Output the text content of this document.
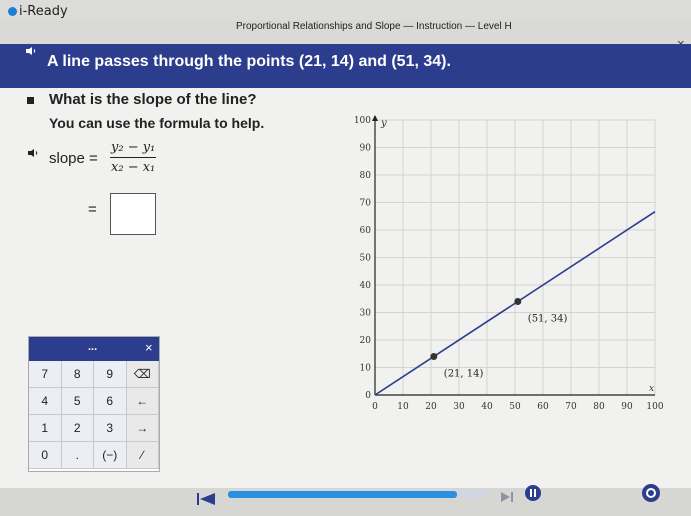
i-Ready
Proportional Relationships and Slope — Instruction — Level H
A line passes through the points (21, 14) and (51, 34).
What is the slope of the line?
You can use the formula to help.
slope = $\frac{\text{y₂ − y₁}}{\text{x₂ − x₁}}$
=
0 10 20 30 40 50 60 70 80 90 100
0
10
20
30
40
50
60
70
80
90
100
(21, 14)
(51, 34)
x
y
...	×
7	8	9	⌫
4	5	6	←
1	2	3	→
0	.	(−)	⁄
